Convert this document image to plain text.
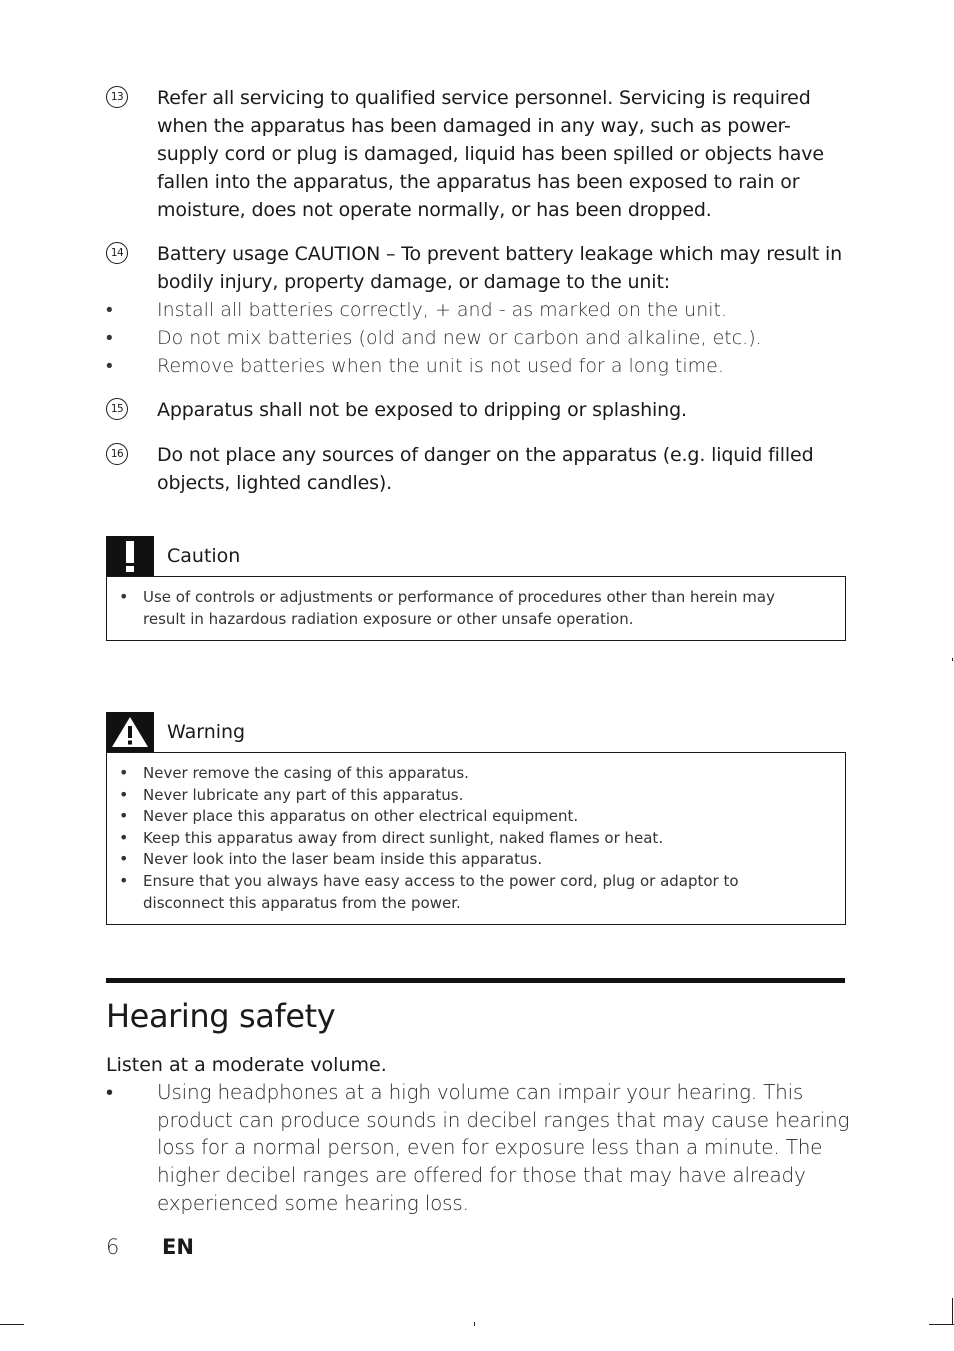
13 Refer all servicing to qualified service personnel. Servicing is required when the apparatus has been damaged in any way, such as power-supply cord or plug is damaged, liquid has been spilled or objects have fallen into the apparatus, the apparatus has been exposed to rain or moisture, does not operate normally, or has been dropped.
14 Battery usage CAUTION – To prevent battery leakage which may result in bodily injury, property damage, or damage to the unit:
• Install all batteries correctly, + and - as marked on the unit.
• Do not mix batteries (old and new or carbon and alkaline, etc.).
• Remove batteries when the unit is not used for a long time.
15 Apparatus shall not be exposed to dripping or splashing.
16 Do not place any sources of danger on the apparatus (e.g. liquid filled objects, lighted candles).
Caution
• Use of controls or adjustments or performance of procedures other than herein may result in hazardous radiation exposure or other unsafe operation.
Warning
• Never remove the casing of this apparatus.
• Never lubricate any part of this apparatus.
• Never place this apparatus on other electrical equipment.
• Keep this apparatus away from direct sunlight, naked flames or heat.
• Never look into the laser beam inside this apparatus.
• Ensure that you always have easy access to the power cord, plug or adaptor to disconnect this apparatus from the power.
Hearing safety
Listen at a moderate volume.
• Using headphones at a high volume can impair your hearing. This product can produce sounds in decibel ranges that may cause hearing loss for a normal person, even for exposure less than a minute. The higher decibel ranges are offered for those that may have already experienced some hearing loss.
6 EN
